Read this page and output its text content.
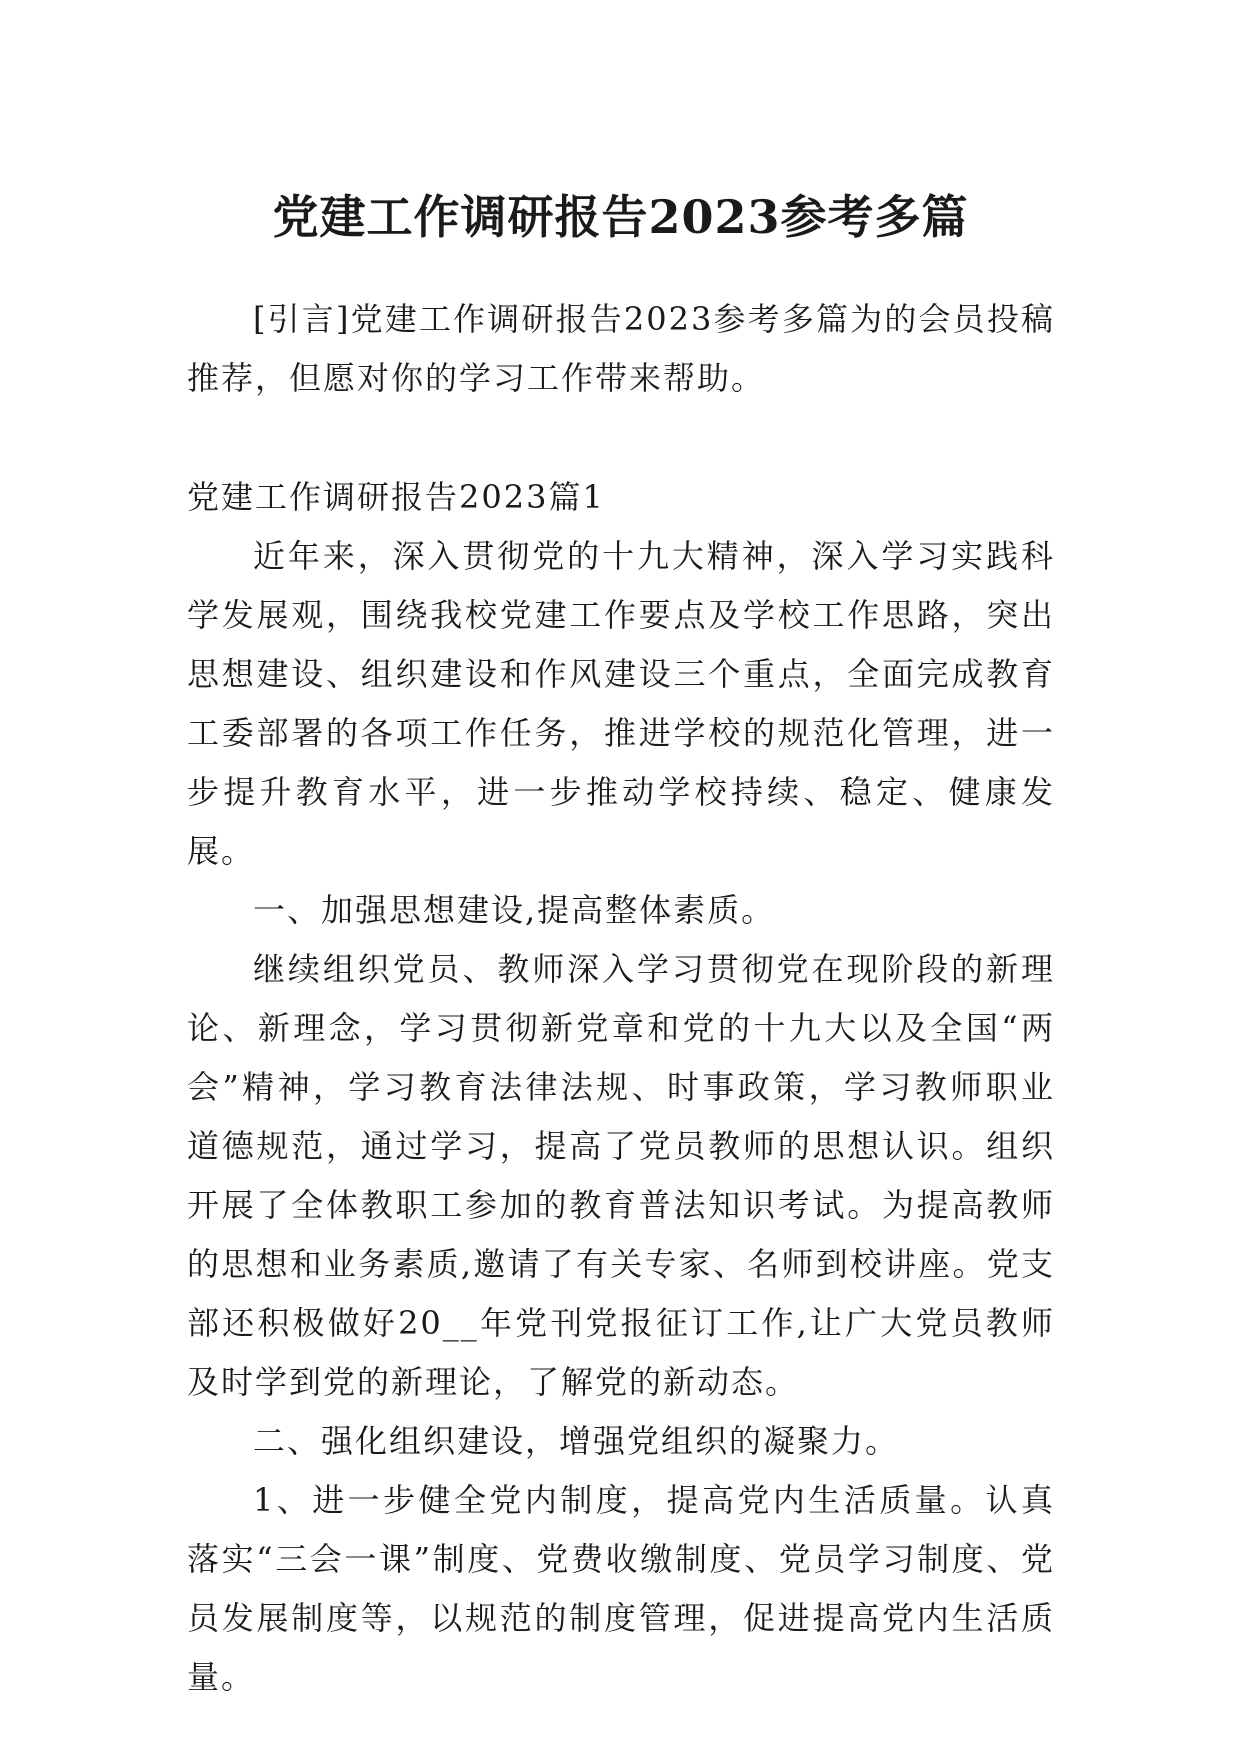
党建工作调研报告2023参考多篇

[引言]党建工作调研报告2023参考多篇为的会员投稿推荐，但愿对你的学习工作带来帮助。

党建工作调研报告2023篇1

近年来，深入贯彻党的十九大精神，深入学习实践科学发展观，围绕我校党建工作要点及学校工作思路，突出思想建设、组织建设和作风建设三个重点，全面完成教育工委部署的各项工作任务，推进学校的规范化管理，进一步提升教育水平，进一步推动学校持续、稳定、健康发展。

一、加强思想建设,提高整体素质。

继续组织党员、教师深入学习贯彻党在现阶段的新理论、新理念，学习贯彻新党章和党的十九大以及全国“两会”精神，学习教育法律法规、时事政策，学习教师职业道德规范，通过学习，提高了党员教师的思想认识。组织开展了全体教职工参加的教育普法知识考试。为提高教师的思想和业务素质,邀请了有关专家、名师到校讲座。党支部还积极做好20__年党刊党报征订工作,让广大党员教师及时学到党的新理论，了解党的新动态。

二、强化组织建设，增强党组织的凝聚力。

1、进一步健全党内制度，提高党内生活质量。认真落实“三会一课”制度、党费收缴制度、党员学习制度、党员发展制度等，以规范的制度管理，促进提高党内生活质量。
